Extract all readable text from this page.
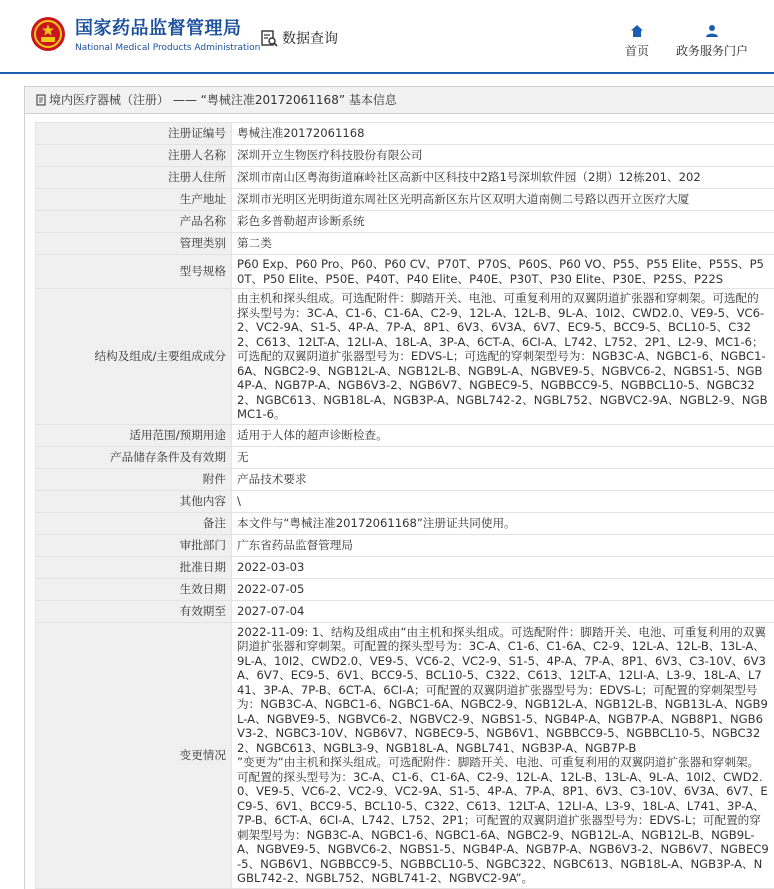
国家药品监督管理局
National Medical Products Administration
数据查询
首页	政务服务门户
境内医疗器械（注册） —— “粤械注准20172061168” 基本信息
注册证编号	粤械注准20172061168
注册人名称	深圳开立生物医疗科技股份有限公司
注册人住所	深圳市南山区粤海街道麻岭社区高新中区科技中2路1号深圳软件园（2期）12栋201、202
生产地址	深圳市光明区光明街道东周社区光明高新区东片区双明大道南侧二号路以西开立医疗大厦
产品名称	彩色多普勒超声诊断系统
管理类别	第二类
型号规格	P60 Exp、P60 Pro、P60、P60 CV、P70T、P70S、P60S、P60 VO、P55、P55 Elite、P55S、P50T、P50 Elite、P50E、P40T、P40 Elite、P40E、P30T、P30 Elite、P30E、P25S、P22S
结构及组成/主要组成成分	由主机和探头组成。可选配附件：脚踏开关、电池、可重复利用的双翼阴道扩张器和穿刺架。可选配的探头型号为：3C-A、C1-6、C1-6A、C2-9、12L-A、12L-B、9L-A、10I2、CWD2.0、VE9-5、VC6-2、VC2-9A、S1-5、4P-A、7P-A、8P1、6V3、6V3A、6V7、EC9-5、BCC9-5、BCL10-5、C322、C613、12LT-A、12LI-A、18L-A、3P-A、6CT-A、6CI-A、L742、L752、2P1、L2-9、MC1-6；可选配的双翼阴道扩张器型号为：EDVS-L；可选配的穿刺架型号为：NGB3C-A、NGBC1-6、NGBC1-6A、NGBC2-9、NGB12L-A、NGB12L-B、NGB9L-A、NGBVE9-5、NGBVC6-2、NGBS1-5、NGB4P-A、NGB7P-A、NGB6V3-2、NGB6V7、NGBEC9-5、NGBBCC9-5、NGBBCL10-5、NGBC322、NGBC613、NGB18L-A、NGB3P-A、NGBL742-2、NGBL752、NGBVC2-9A、NGBL2-9、NGBMC1-6。
适用范围/预期用途	适用于人体的超声诊断检查。
产品储存条件及有效期	无
附件	产品技术要求
其他内容	\
备注	本文件与“粤械注准20172061168”注册证共同使用。
审批部门	广东省药品监督管理局
批准日期	2022-03-03
生效日期	2022-07-05
有效期至	2027-07-04
变更情况	2022-11-09: 1、结构及组成由“由主机和探头组成。可选配附件：脚踏开关、电池、可重复利用的双翼阴道扩张器和穿刺架。可配置的探头型号为：3C-A、C1-6、C1-6A、C2-9、12L-A、12L-B、13L-A、9L-A、10I2、CWD2.0、VE9-5、VC6-2、VC2-9、S1-5、4P-A、7P-A、8P1、6V3、C3-10V、6V3A、6V7、EC9-5、6V1、BCC9-5、BCL10-5、C322、C613、12LT-A、12LI-A、L3-9、18L-A、L741、3P-A、7P-B、6CT-A、6CI-A；可配置的双翼阴道扩张器型号为：EDVS-L；可配置的穿刺架型号为：NGB3C-A、NGBC1-6、NGBC1-6A、NGBC2-9、NGB12L-A、NGB12L-B、NGB13L-A、NGB9L-A、NGBVE9-5、NGBVC6-2、NGBVC2-9、NGBS1-5、NGB4P-A、NGB7P-A、NGB8P1、NGB6V3-2、NGBC3-10V、NGB6V7、NGBEC9-5、NGB6V1、NGBBCC9-5、NGBBCL10-5、NGBC322、NGBC613、NGBL3-9、NGB18L-A、NGBL741、NGB3P-A、NGB7P-B
”变更为“由主机和探头组成。可选配附件：脚踏开关、电池、可重复利用的双翼阴道扩张器和穿刺架。可配置的探头型号为：3C-A、C1-6、C1-6A、C2-9、12L-A、12L-B、13L-A、9L-A、10I2、CWD2.0、VE9-5、VC6-2、VC2-9、VC2-9A、S1-5、4P-A、7P-A、8P1、6V3、C3-10V、6V3A、6V7、EC9-5、6V1、BCC9-5、BCL10-5、C322、C613、12LT-A、12LI-A、L3-9、18L-A、L741、3P-A、7P-B、6CT-A、6CI-A、L742、L752、2P1；可配置的双翼阴道扩张器型号为：EDVS-L；可配置的穿刺架型号为：NGB3C-A、NGBC1-6、NGBC1-6A、NGBC2-9、NGB12L-A、NGB12L-B、NGB9L-A、NGBVE9-5、NGBVC6-2、NGBS1-5、NGB4P-A、NGB7P-A、NGB6V3-2、NGB6V7、NGBEC9-5、NGB6V1、NGBBCC9-5、NGBBCL10-5、NGBC322、NGBC613、NGB18L-A、NGB3P-A、NGBL742-2、NGBL752、NGBL741-2、NGBVC2-9A”。
